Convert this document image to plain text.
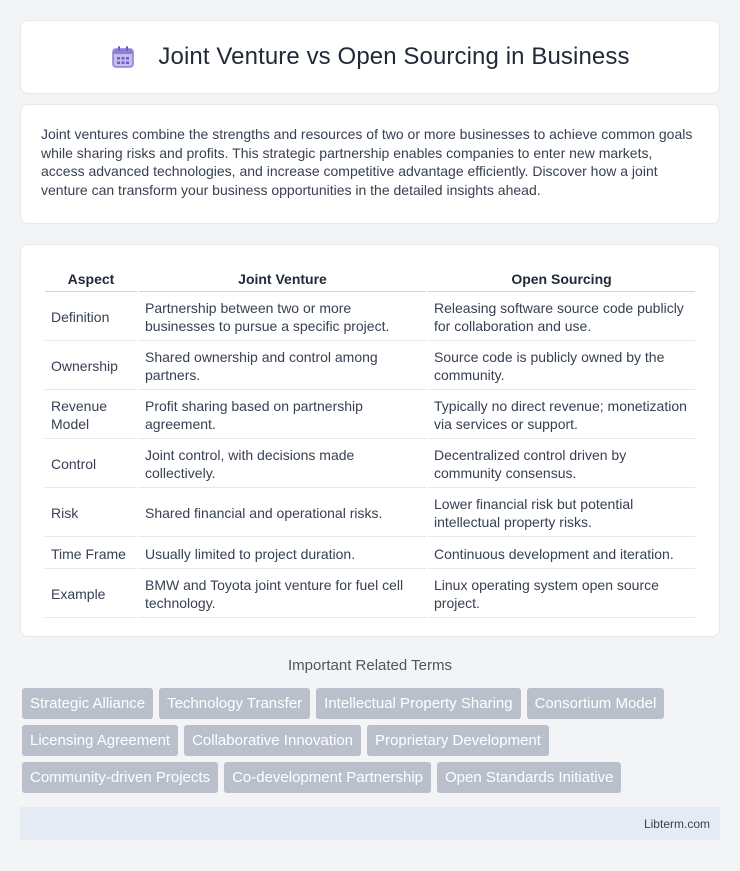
Joint Venture vs Open Sourcing in Business

Joint ventures combine the strengths and resources of two or more businesses to achieve common goals while sharing risks and profits. This strategic partnership enables companies to enter new markets, access advanced technologies, and increase competitive advantage efficiently. Discover how a joint venture can transform your business opportunities in the detailed insights ahead.

Aspect	Joint Venture	Open Sourcing
Definition	Partnership between two or more businesses to pursue a specific project.	Releasing software source code publicly for collaboration and use.
Ownership	Shared ownership and control among partners.	Source code is publicly owned by the community.
Revenue Model	Profit sharing based on partnership agreement.	Typically no direct revenue; monetization via services or support.
Control	Joint control, with decisions made collectively.	Decentralized control driven by community consensus.
Risk	Shared financial and operational risks.	Lower financial risk but potential intellectual property risks.
Time Frame	Usually limited to project duration.	Continuous development and iteration.
Example	BMW and Toyota joint venture for fuel cell technology.	Linux operating system open source project.
Important Related Terms
Strategic Alliance	Technology Transfer	Intellectual Property Sharing	Consortium Model
Licensing Agreement	Collaborative Innovation	Proprietary Development
Community-driven Projects	Co-development Partnership	Open Standards Initiative
Libterm.com
